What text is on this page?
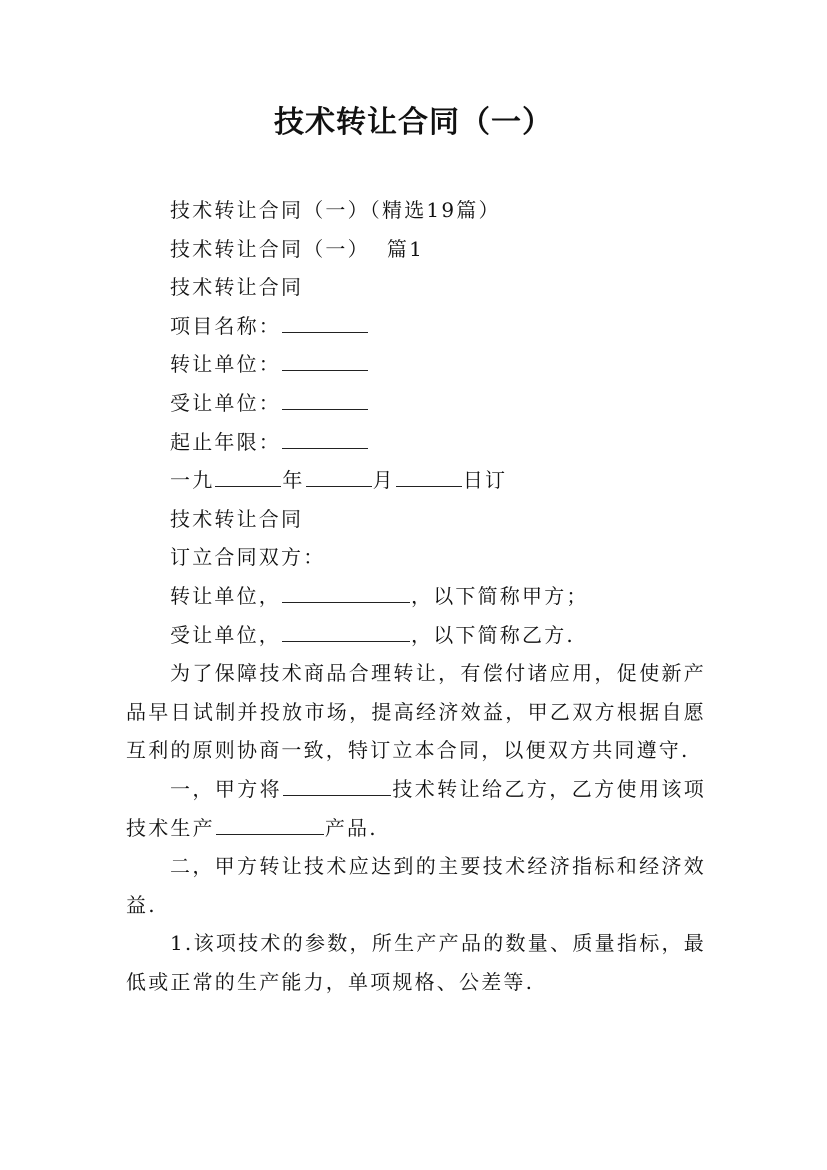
技术转让合同（一）
技术转让合同（一）（精选19篇）
技术转让合同（一）  篇1
技术转让合同
项目名称：
转让单位：
受让单位：
起止年限：
一九	年	月	日订
技术转让合同
订立合同双方：
转让单位，	，以下简称甲方；
受让单位，	，以下简称乙方.
为了保障技术商品合理转让，有偿付诸应用，促使新产品早日试制并投放市场，提高经济效益，甲乙双方根据自愿互利的原则协商一致，特订立本合同，以便双方共同遵守.
一，甲方将	技术转让给乙方，乙方使用该项技术生产	产品.
二，甲方转让技术应达到的主要技术经济指标和经济效益.
1.该项技术的参数，所生产产品的数量、质量指标，最低或正常的生产能力，单项规格、公差等.
